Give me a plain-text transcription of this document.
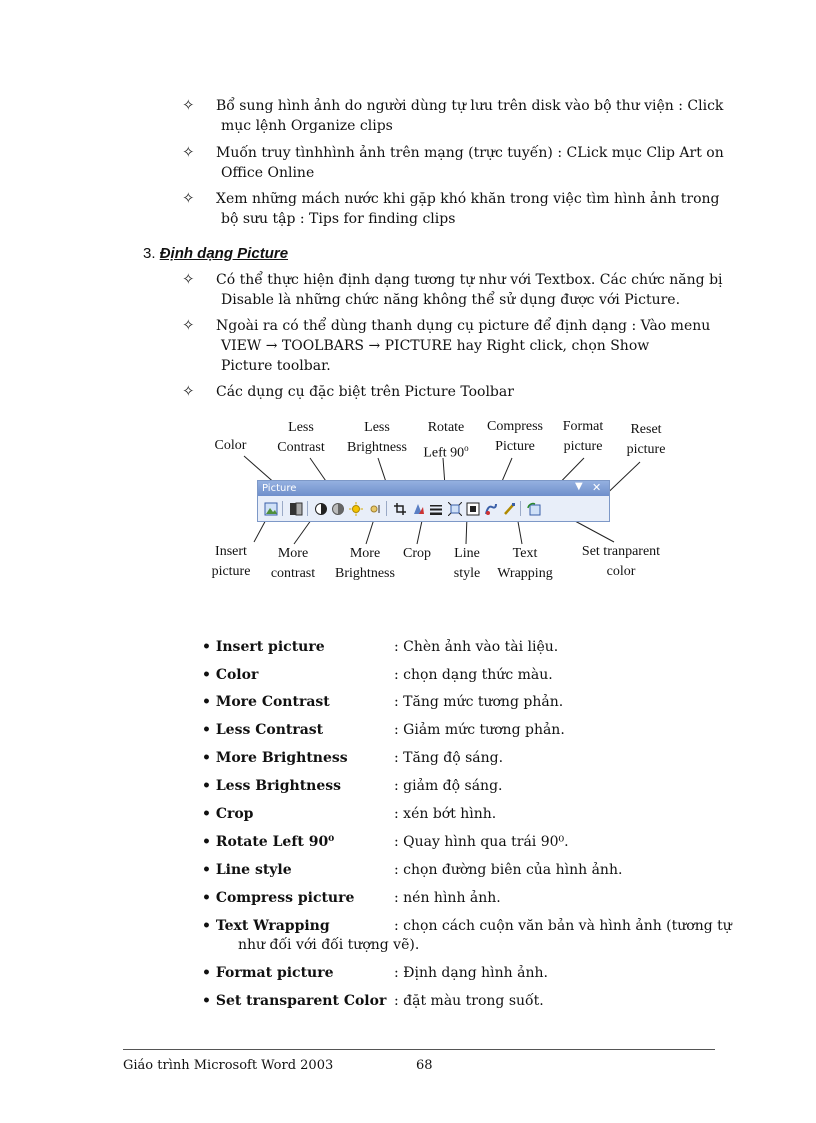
✧ Bổ sung hình ảnh do người dùng tự lưu trên disk vào bộ thư viện : Click
mục lệnh Organize clips
✧ Muốn truy tìnhhình ảnh trên mạng (trực tuyến) : CLick mục Clip Art on
Office Online
✧ Xem những mách nước khi gặp khó khăn trong việc tìm hình ảnh trong
bộ sưu tập : Tips for finding clips
3. Định dạng Picture
✧ Có thể thực hiện định dạng tương tự như với Textbox. Các chức năng bị
Disable là những chức năng không thể sử dụng được với Picture.
✧ Ngoài ra có thể dùng thanh dụng cụ picture để định dạng : Vào menu
VIEW → TOOLBARS → PICTURE hay Right click, chọn Show
Picture toolbar.
✧ Các dụng cụ đặc biệt trên Picture Toolbar
Color
Less
Contrast
Less
Brightness
Rotate
Left 90$^o$
Compress
Picture
Format
picture
Reset
picture
Picture	▼ ✕
Insert
picture
More
contrast
More
Brightness
Crop	Line
style
Text
Wrapping
Set tranparent
color
• Insert picture	: Chèn ảnh vào tài liệu.
• Color	: chọn dạng thức màu.
• More Contrast	: Tăng mức tương phản.
• Less Contrast	: Giảm mức tương phản.
• More Brightness	: Tăng độ sáng.
• Less Brightness	: giảm độ sáng.
• Crop	: xén bớt hình.
• Rotate Left 90⁰	: Quay hình qua trái 90⁰.
• Line style	: chọn đường biên của hình ảnh.
• Compress picture	: nén hình ảnh.
• Text Wrapping	: chọn cách cuộn văn bản và hình ảnh (tương tự
như đối với đối tượng vẽ).
• Format picture	: Định dạng hình ảnh.
• Set transparent Color : đặt màu trong suốt.
Giáo trình Microsoft Word 2003	68
